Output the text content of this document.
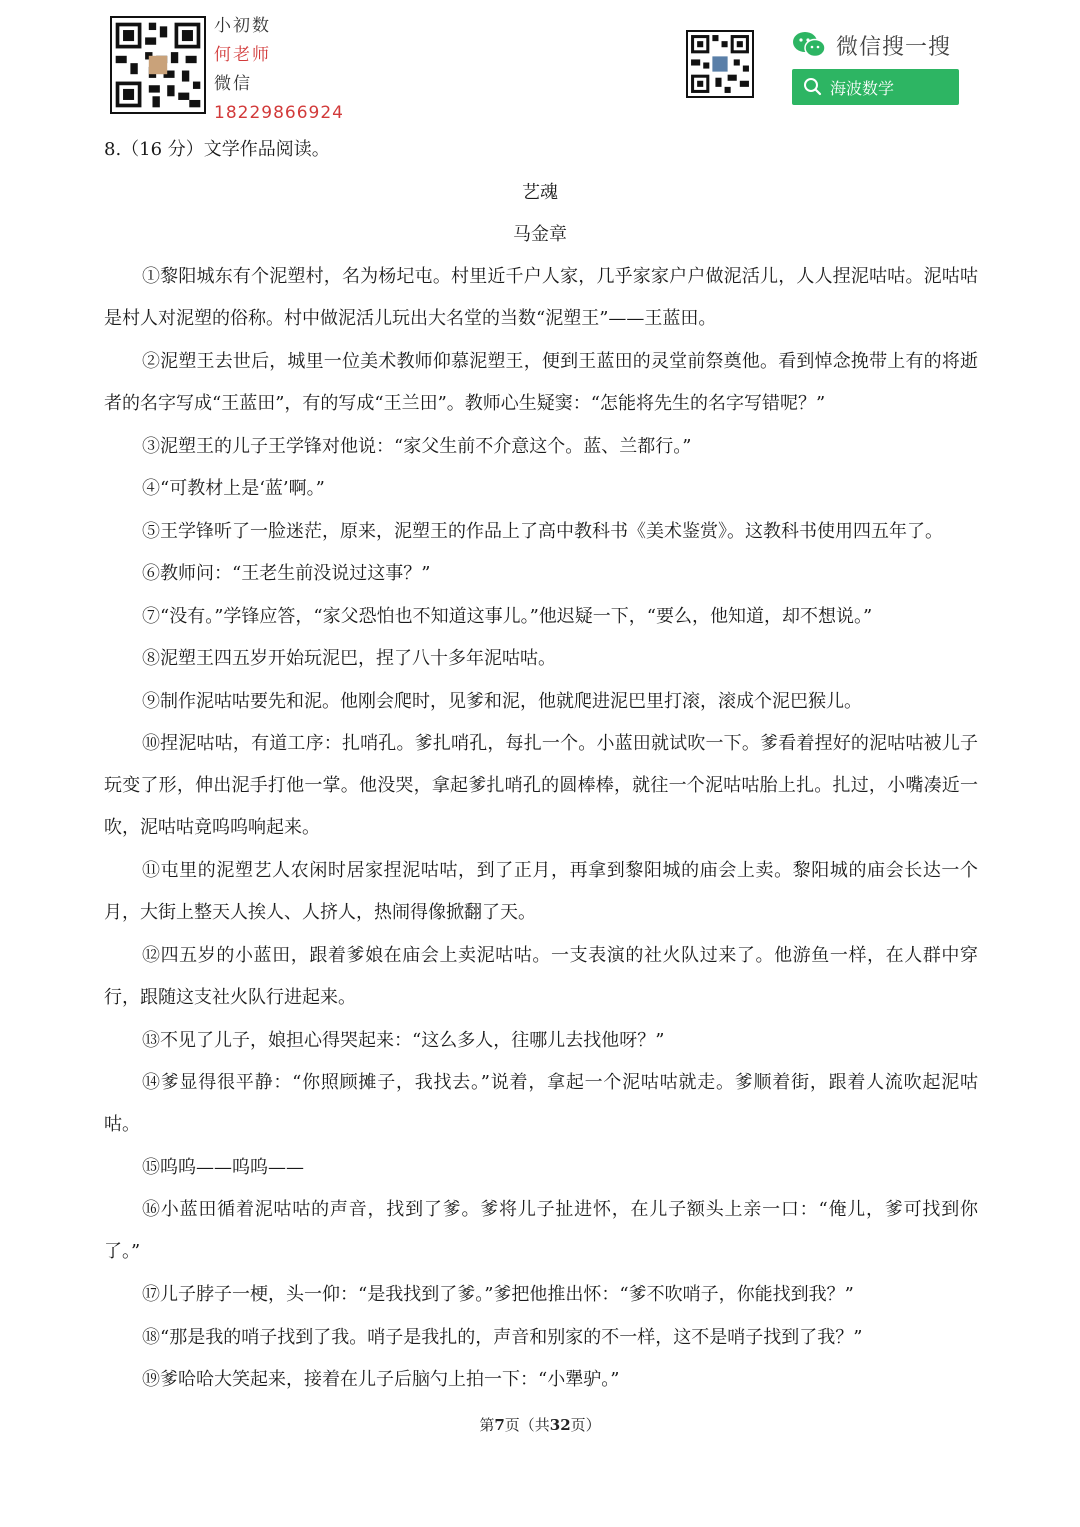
小初数
何老师
微信
18229866924
微信搜一搜
海波数学
8.（16 分）文学作品阅读。
艺魂
马金章
①黎阳城东有个泥塑村，名为杨圮屯。村里近千户人家，几乎家家户户做泥活儿，人人捏泥咕咕。泥咕咕是村人对泥塑的俗称。村中做泥活儿玩出大名堂的当数“泥塑王”——王蓝田。
②泥塑王去世后，城里一位美术教师仰慕泥塑王，便到王蓝田的灵堂前祭奠他。看到悼念挽带上有的将逝者的名字写成“王蓝田”，有的写成“王兰田”。教师心生疑窦：“怎能将先生的名字写错呢？”
③泥塑王的儿子王学锋对他说：“家父生前不介意这个。蓝、兰都行。”
④“可教材上是‘蓝’啊。”
⑤王学锋听了一脸迷茫，原来，泥塑王的作品上了高中教科书《美术鉴赏》。这教科书使用四五年了。
⑥教师问：“王老生前没说过这事？”
⑦“没有。”学锋应答，“家父恐怕也不知道这事儿。”他迟疑一下，“要么，他知道，却不想说。”
⑧泥塑王四五岁开始玩泥巴，捏了八十多年泥咕咕。
⑨制作泥咕咕要先和泥。他刚会爬时，见爹和泥，他就爬进泥巴里打滚，滚成个泥巴猴儿。
⑩捏泥咕咕，有道工序：扎哨孔。爹扎哨孔，每扎一个。小蓝田就试吹一下。爹看着捏好的泥咕咕被儿子玩变了形，伸出泥手打他一掌。他没哭，拿起爹扎哨孔的圆棒棒，就往一个泥咕咕胎上扎。扎过，小嘴凑近一吹，泥咕咕竟呜呜响起来。
⑪屯里的泥塑艺人农闲时居家捏泥咕咕，到了正月，再拿到黎阳城的庙会上卖。黎阳城的庙会长达一个月，大街上整天人挨人、人挤人，热闹得像掀翻了天。
⑫四五岁的小蓝田，跟着爹娘在庙会上卖泥咕咕。一支表演的社火队过来了。他游鱼一样，在人群中穿行，跟随这支社火队行进起来。
⑬不见了儿子，娘担心得哭起来：“这么多人，往哪儿去找他呀？”
⑭爹显得很平静：“你照顾摊子，我找去。”说着，拿起一个泥咕咕就走。爹顺着街，跟着人流吹起泥咕咕。
⑮呜呜——呜呜——
⑯小蓝田循着泥咕咕的声音，找到了爹。爹将儿子扯进怀，在儿子额头上亲一口：“俺儿，爹可找到你了。”
⑰儿子脖子一梗，头一仰：“是我找到了爹。”爹把他推出怀：“爹不吹哨子，你能找到我？”
⑱“那是我的哨子找到了我。哨子是我扎的，声音和别家的不一样，这不是哨子找到了我？”
⑲爹哈哈大笑起来，接着在儿子后脑勺上拍一下：“小犟驴。”
第7页（共32页）
